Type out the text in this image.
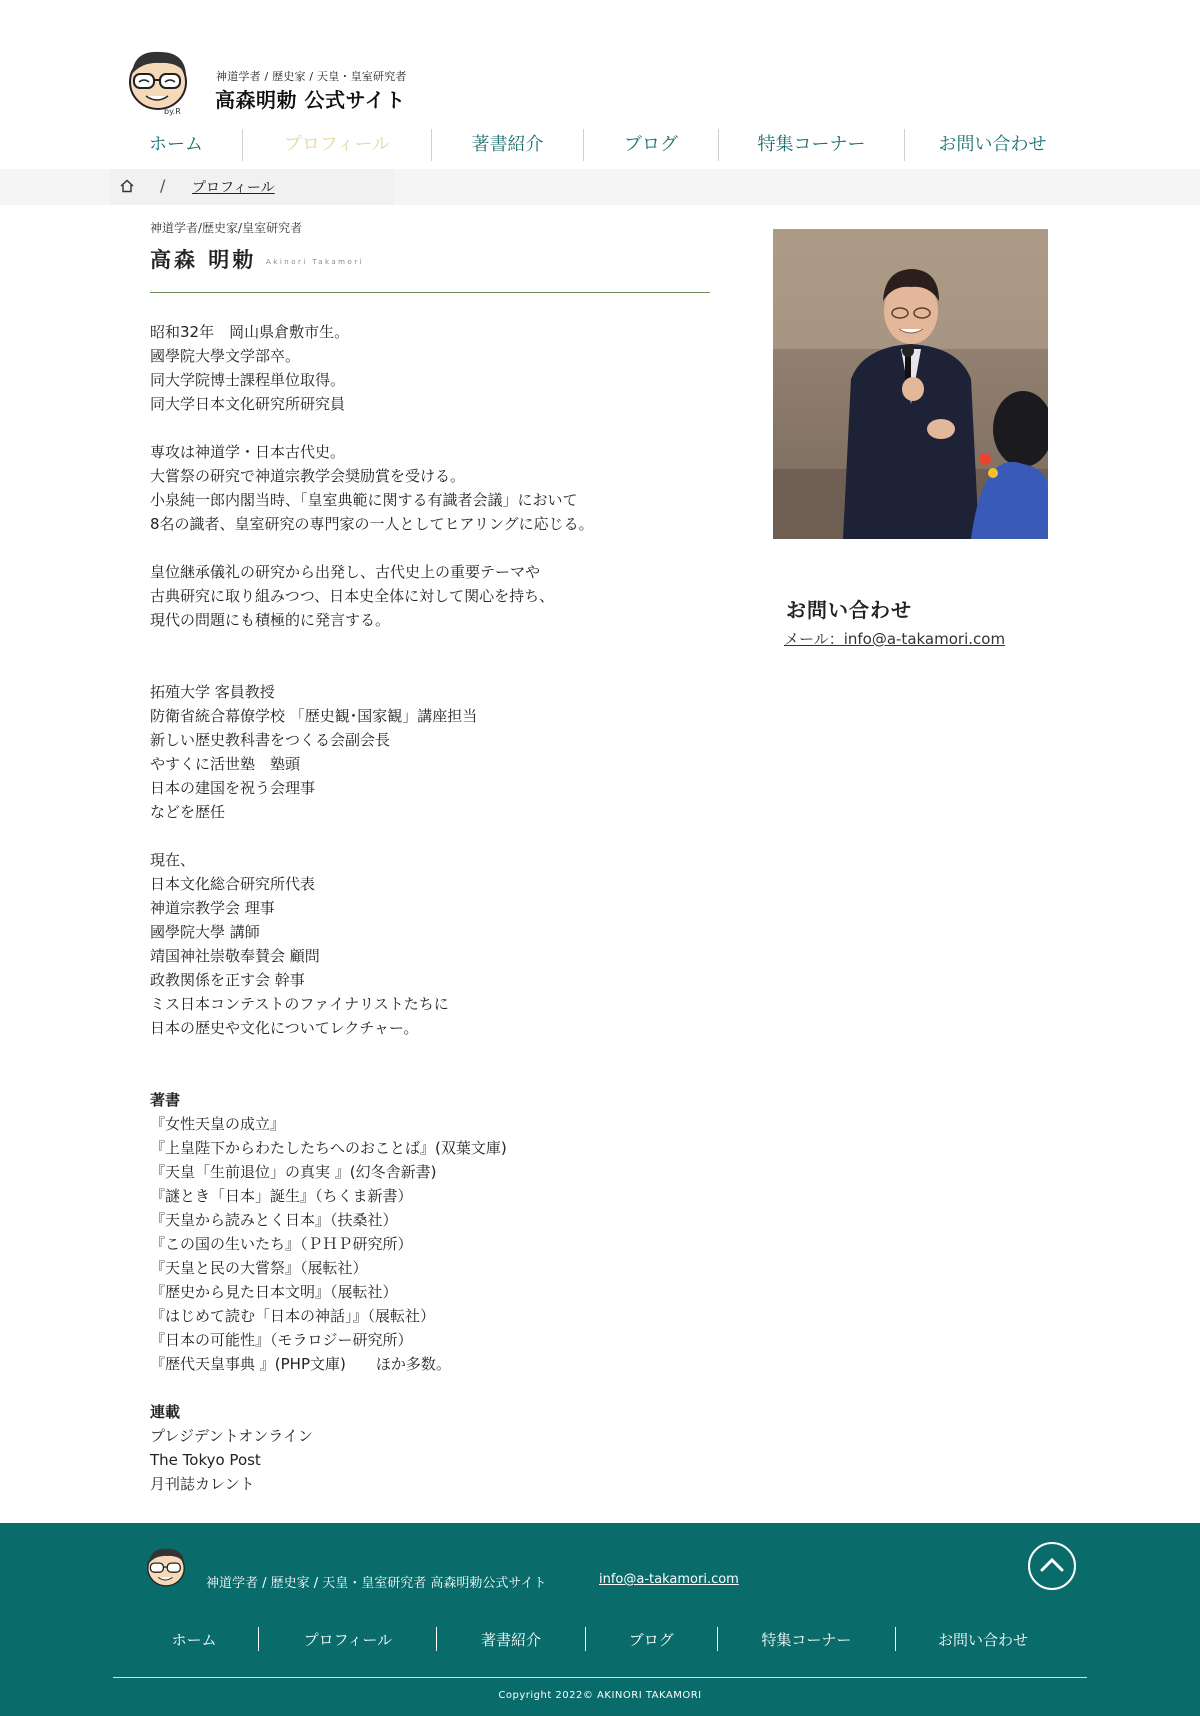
by.R
神道学者 / 歴史家 / 天皇・皇室研究者
高森明勅 公式サイト
ホーム	プロフィール	著書紹介	ブログ	特集コーナー	お問い合わせ
/ プロフィール
神道学者/歴史家/皇室研究者
高森 明勅 Akinori Takamori

昭和32年　岡山県倉敷市生。

國學院大學文学部卒。

同大学院博士課程単位取得。

同大学日本文化研究所研究員

専攻は神道学・日本古代史。

大嘗祭の研究で神道宗教学会奨励賞を受ける。

小泉純一郎内閣当時、「皇室典範に関する有識者会議」において

8名の識者、皇室研究の専門家の一人としてヒアリングに応じる。

皇位継承儀礼の研究から出発し、古代史上の重要テーマや

古典研究に取り組みつつ、日本史全体に対して関心を持ち、

現代の問題にも積極的に発言する。

拓殖大学 客員教授

防衛省統合幕僚学校 「歴史観･国家観」講座担当

新しい歴史教科書をつくる会副会長

やすくに活世塾　塾頭

日本の建国を祝う会理事

などを歴任

現在、

日本文化総合研究所代表

神道宗教学会 理事

國學院大學 講師

靖国神社崇敬奉賛会 顧問

政教関係を正す会 幹事

ミス日本コンテストのファイナリストたちに

日本の歴史や文化についてレクチャー。

著書

『女性天皇の成立』

『上皇陛下からわたしたちへのおことば』(双葉文庫)

『天皇「生前退位」の真実 』(幻冬舎新書)

『謎とき「日本」誕生』（ちくま新書）

『天皇から読みとく日本』（扶桑社）

『この国の生いたち』（ＰＨＰ研究所）

『天皇と民の大嘗祭』（展転社）

『歴史から見た日本文明』（展転社）

『はじめて読む「日本の神話」』（展転社）

『日本の可能性』（モラロジー研究所）

『歴代天皇事典 』(PHP文庫)　　ほか多数。

連載

プレジデントオンライン

The Tokyo Post

月刊誌カレント

お問い合わせ
メール：info@a-takamori.com
神道学者 / 歴史家 / 天皇・皇室研究者 高森明勅公式サイト	info@a-takamori.com
ホーム	プロフィール	著書紹介	ブログ	特集コーナー	お問い合わせ
Copyright 2022© AKINORI TAKAMORI
